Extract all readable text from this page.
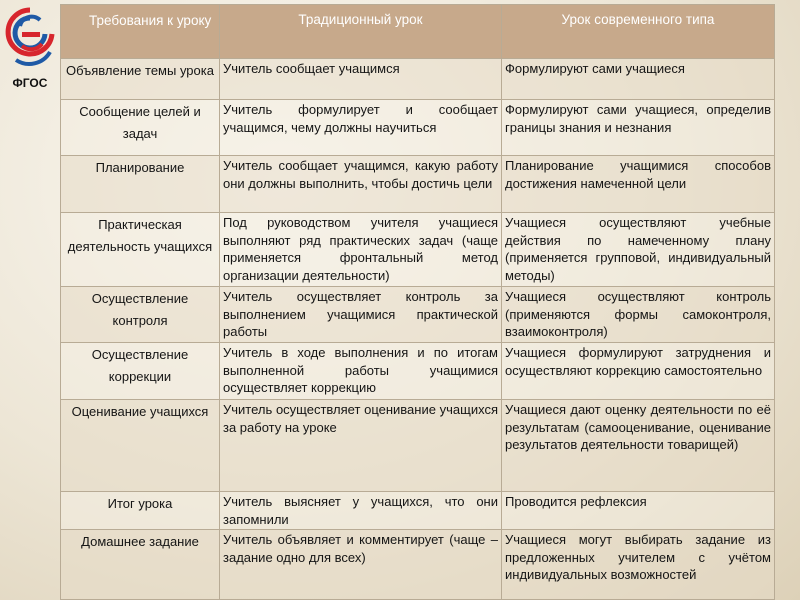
ФГОС
Требования к уроку	Традиционный урок	Урок современного типа
Объявление темы урока	Учитель сообщает учащимся	Формулируют сами учащиеся
Сообщение целей и задач	Учитель формулирует и сообщает учащимся, чему должны научиться	Формулируют сами учащиеся, определив границы знания и незнания
Планирование	Учитель сообщает учащимся, какую работу они должны выполнить, чтобы достичь цели	Планирование учащимися способов достижения намеченной цели
Практическая деятельность учащихся	Под руководством учителя учащиеся выполняют ряд практических задач (чаще применяется фронтальный метод организации деятельности)	Учащиеся осуществляют учебные действия по намеченному плану (применяется групповой, индивидуальный методы)
Осуществление контроля	Учитель осуществляет контроль за выполнением учащимися практической работы	Учащиеся осуществляют контроль (применяются формы самоконтроля, взаимоконтроля)
Осуществление коррекции	Учитель в ходе выполнения и по итогам выполненной работы учащимися осуществляет коррекцию	Учащиеся формулируют затруднения и осуществляют коррекцию самостоятельно
Оценивание учащихся	Учитель осуществляет оценивание учащихся за работу на уроке	Учащиеся дают оценку деятельности по её результатам (самооценивание, оценивание результатов деятельности товарищей)
Итог урока	Учитель выясняет у учащихся, что они запомнили	Проводится рефлексия
Домашнее задание	Учитель объявляет и комментирует (чаще – задание одно для всех)	Учащиеся могут выбирать задание из предложенных учителем с учётом индивидуальных возможностей
